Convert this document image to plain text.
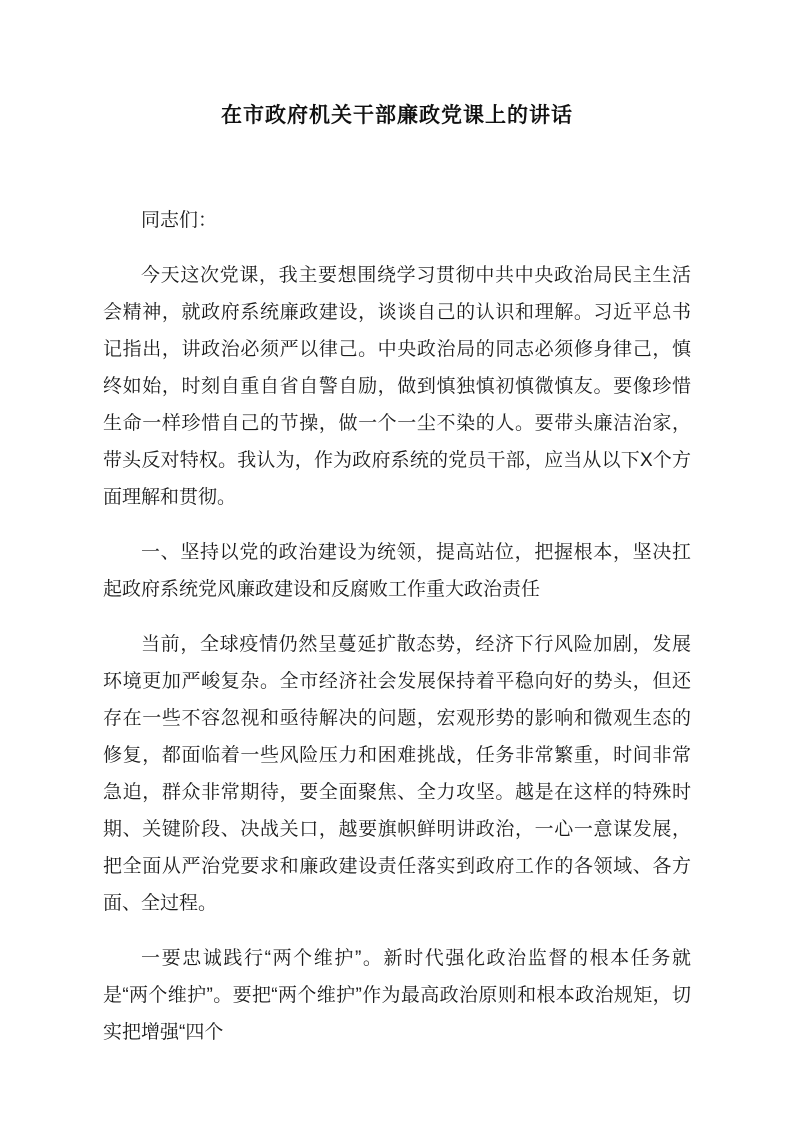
在市政府机关干部廉政党课上的讲话

同志们：

今天这次党课，我主要想围绕学习贯彻中共中央政治局民主生活会精神，就政府系统廉政建设，谈谈自己的认识和理解。习近平总书记指出，讲政治必须严以律己。中央政治局的同志必须修身律己，慎终如始，时刻自重自省自警自励，做到慎独慎初慎微慎友。要像珍惜生命一样珍惜自己的节操，做一个一尘不染的人。要带头廉洁治家，带头反对特权。我认为，作为政府系统的党员干部，应当从以下X个方面理解和贯彻。

一、坚持以党的政治建设为统领，提高站位，把握根本，坚决扛起政府系统党风廉政建设和反腐败工作重大政治责任

当前，全球疫情仍然呈蔓延扩散态势，经济下行风险加剧，发展环境更加严峻复杂。全市经济社会发展保持着平稳向好的势头，但还存在一些不容忽视和亟待解决的问题，宏观形势的影响和微观生态的修复，都面临着一些风险压力和困难挑战，任务非常繁重，时间非常急迫，群众非常期待，要全面聚焦、全力攻坚。越是在这样的特殊时期、关键阶段、决战关口，越要旗帜鲜明讲政治，一心一意谋发展，把全面从严治党要求和廉政建设责任落实到政府工作的各领域、各方面、全过程。

一要忠诚践行“两个维护”。新时代强化政治监督的根本任务就是“两个维护”。要把“两个维护”作为最高政治原则和根本政治规矩，切实把增强“四个
